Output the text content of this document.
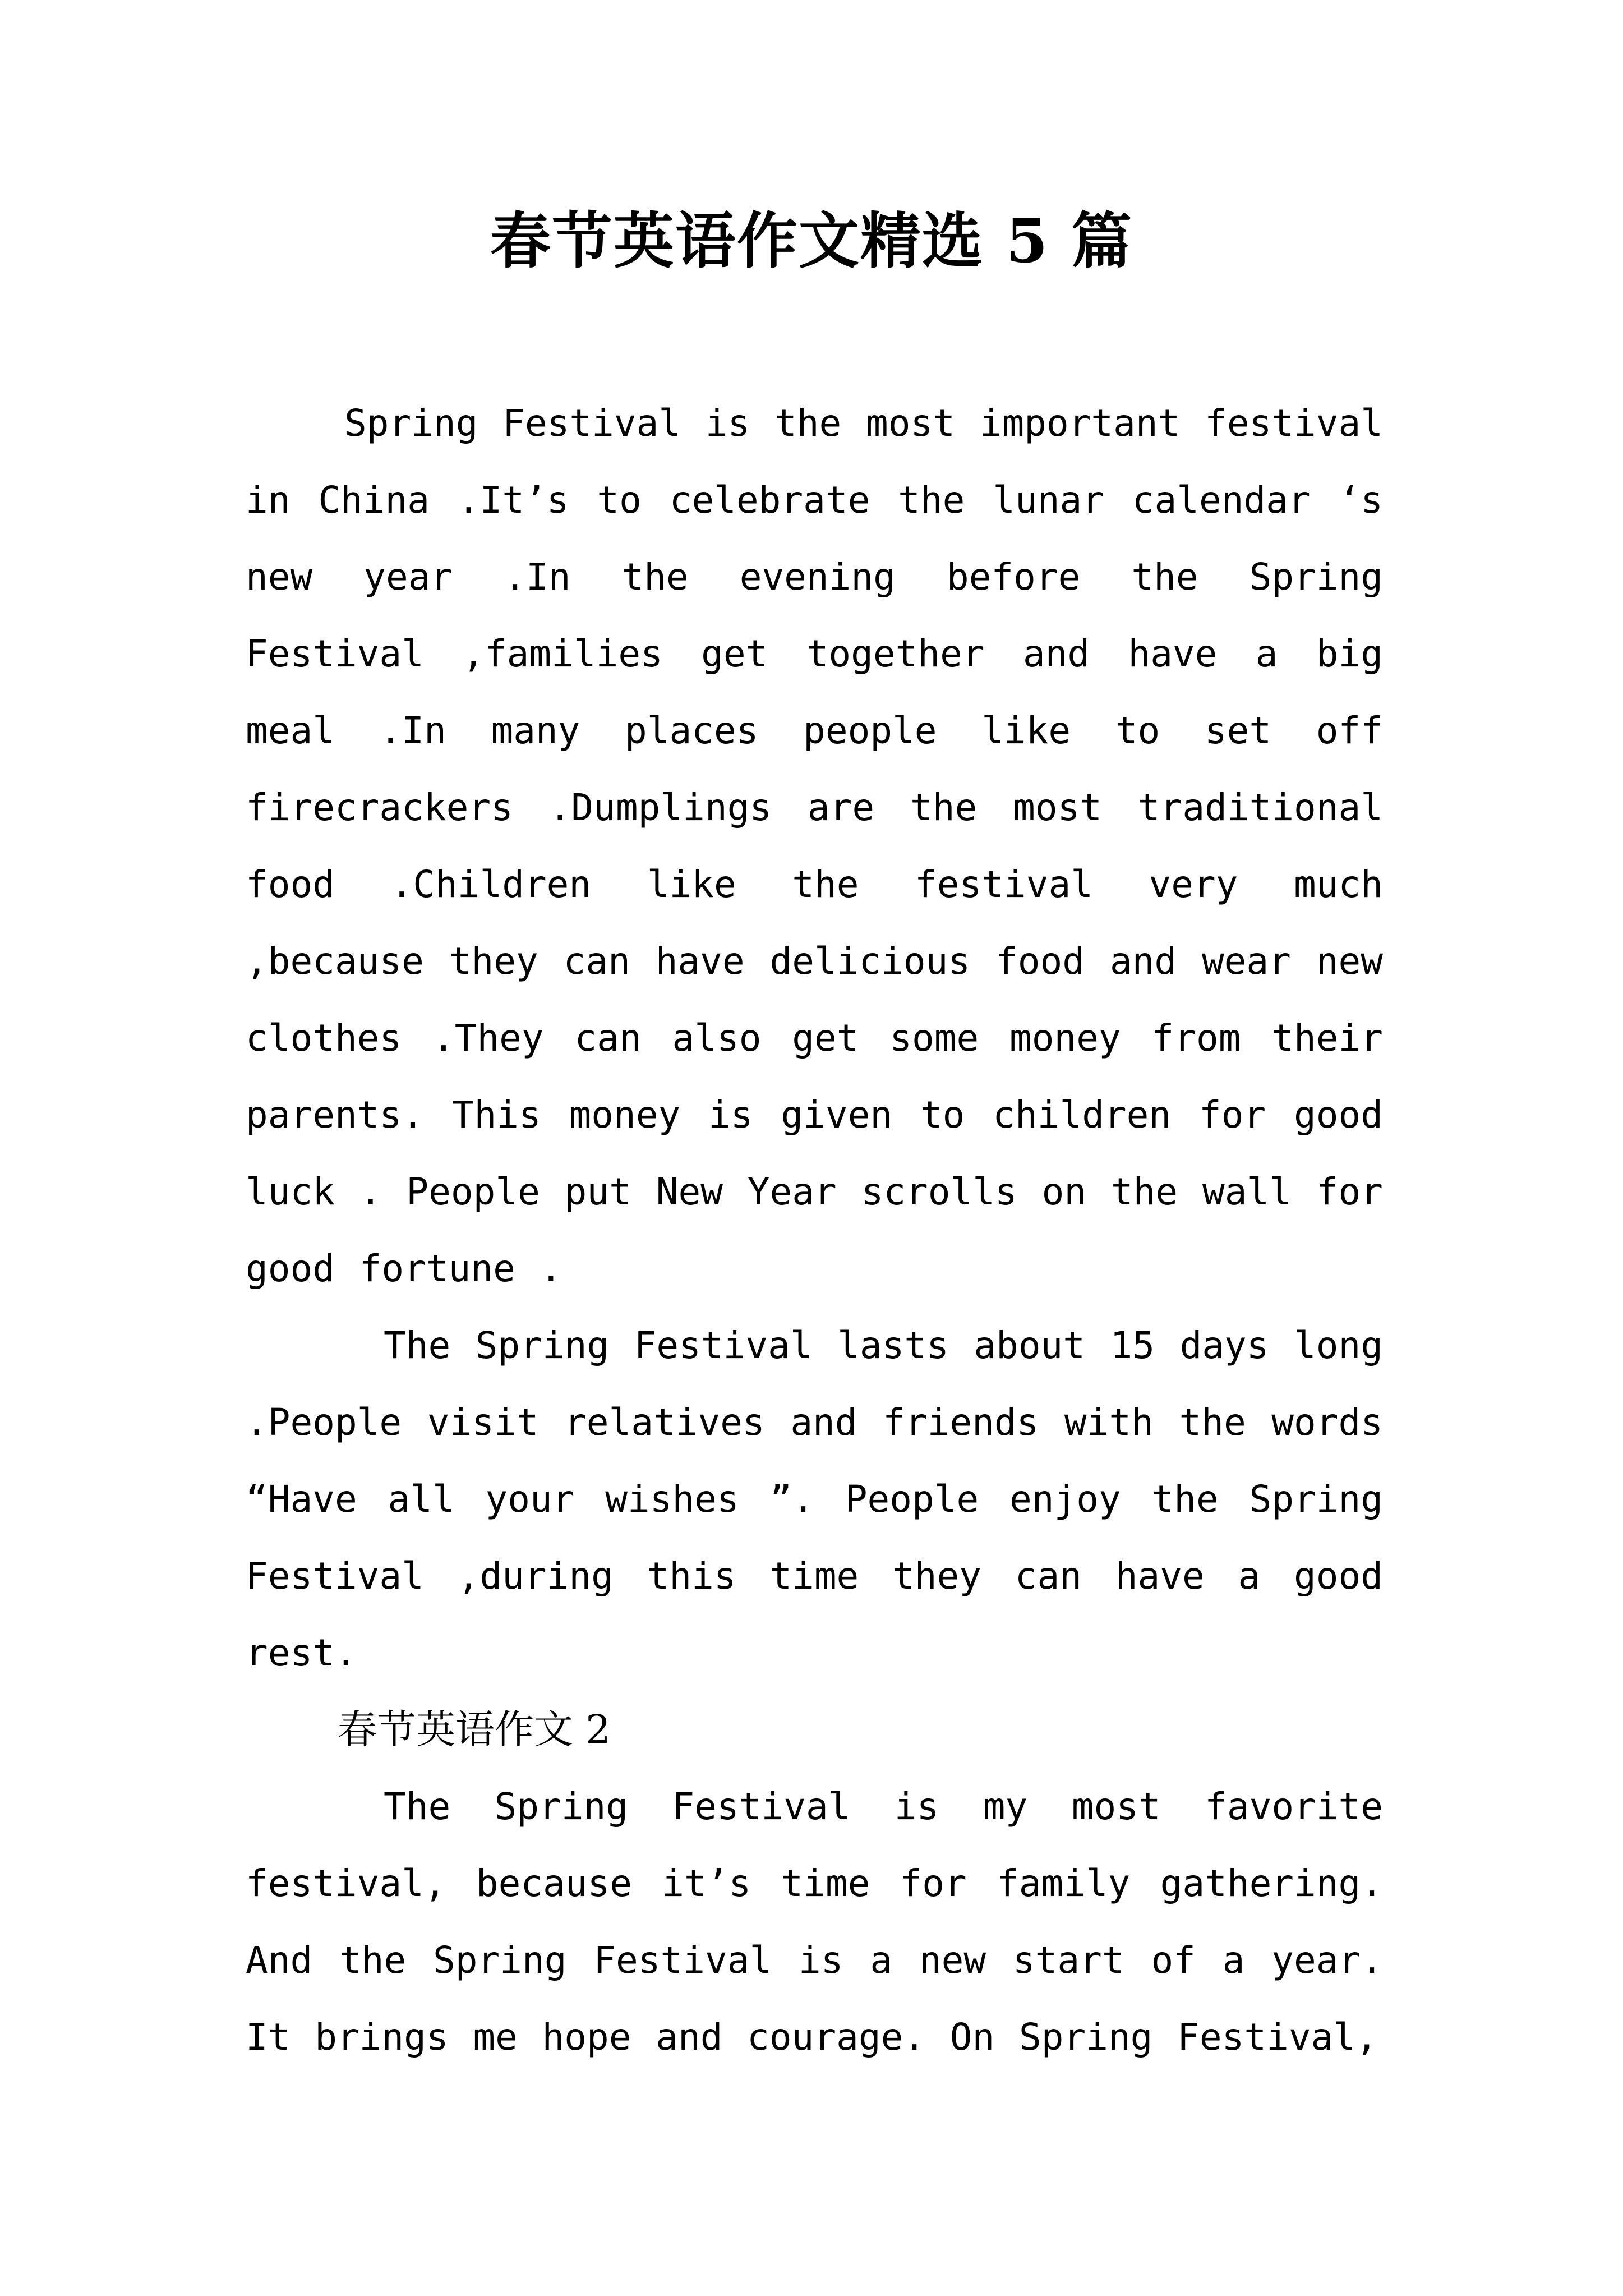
春节英语作文精选 5 篇

Spring Festival is the most important festival in China .It’s to celebrate the lunar calendar ‘s new year .In the evening before the Spring Festival ,families get together and have a big meal .In many places people like to set off firecrackers .Dumplings are the most traditional food .Children like the festival very much ,because they can have delicious food and wear new clothes .They can also get some money from their parents. This money is given to children for good luck . People put New Year scrolls on the wall for good fortune .

The Spring Festival lasts about 15 days long .People visit relatives and friends with the words “Have all your wishes ”. People enjoy the Spring Festival ,during this time they can have a good rest.

春节英语作文 2

The Spring Festival is my most favorite festival, because it’s time for family gathering. And the Spring Festival is a new start of a year. It brings me hope and courage. On Spring Festival,
